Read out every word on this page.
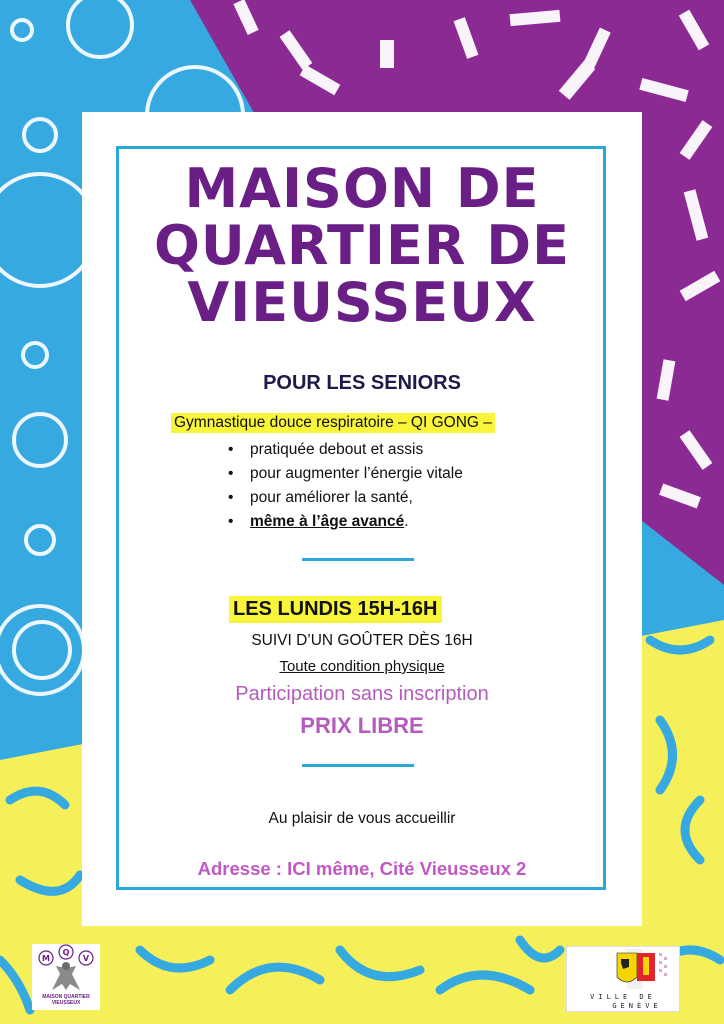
MAISON DE
QUARTIER DE
VIEUSSEUX
POUR LES SENIORS
Gymnastique douce respiratoire – QI GONG –
• pratiquée debout et assis
• pour augmenter l’énergie vitale
• pour améliorer la santé,
• même à l’âge avancé.
LES LUNDIS 15H-16H
SUIVI D’UN GOÛTER DÈS 16H
Toute condition physique
Participation sans inscription
PRIX LIBRE
Au plaisir de vous accueillir
Adresse : ICI même, Cité Vieusseux 2
M
Q
V
MAISON QUARTIER
VIEUSSEUX
VILLE DE
GENÈVE
